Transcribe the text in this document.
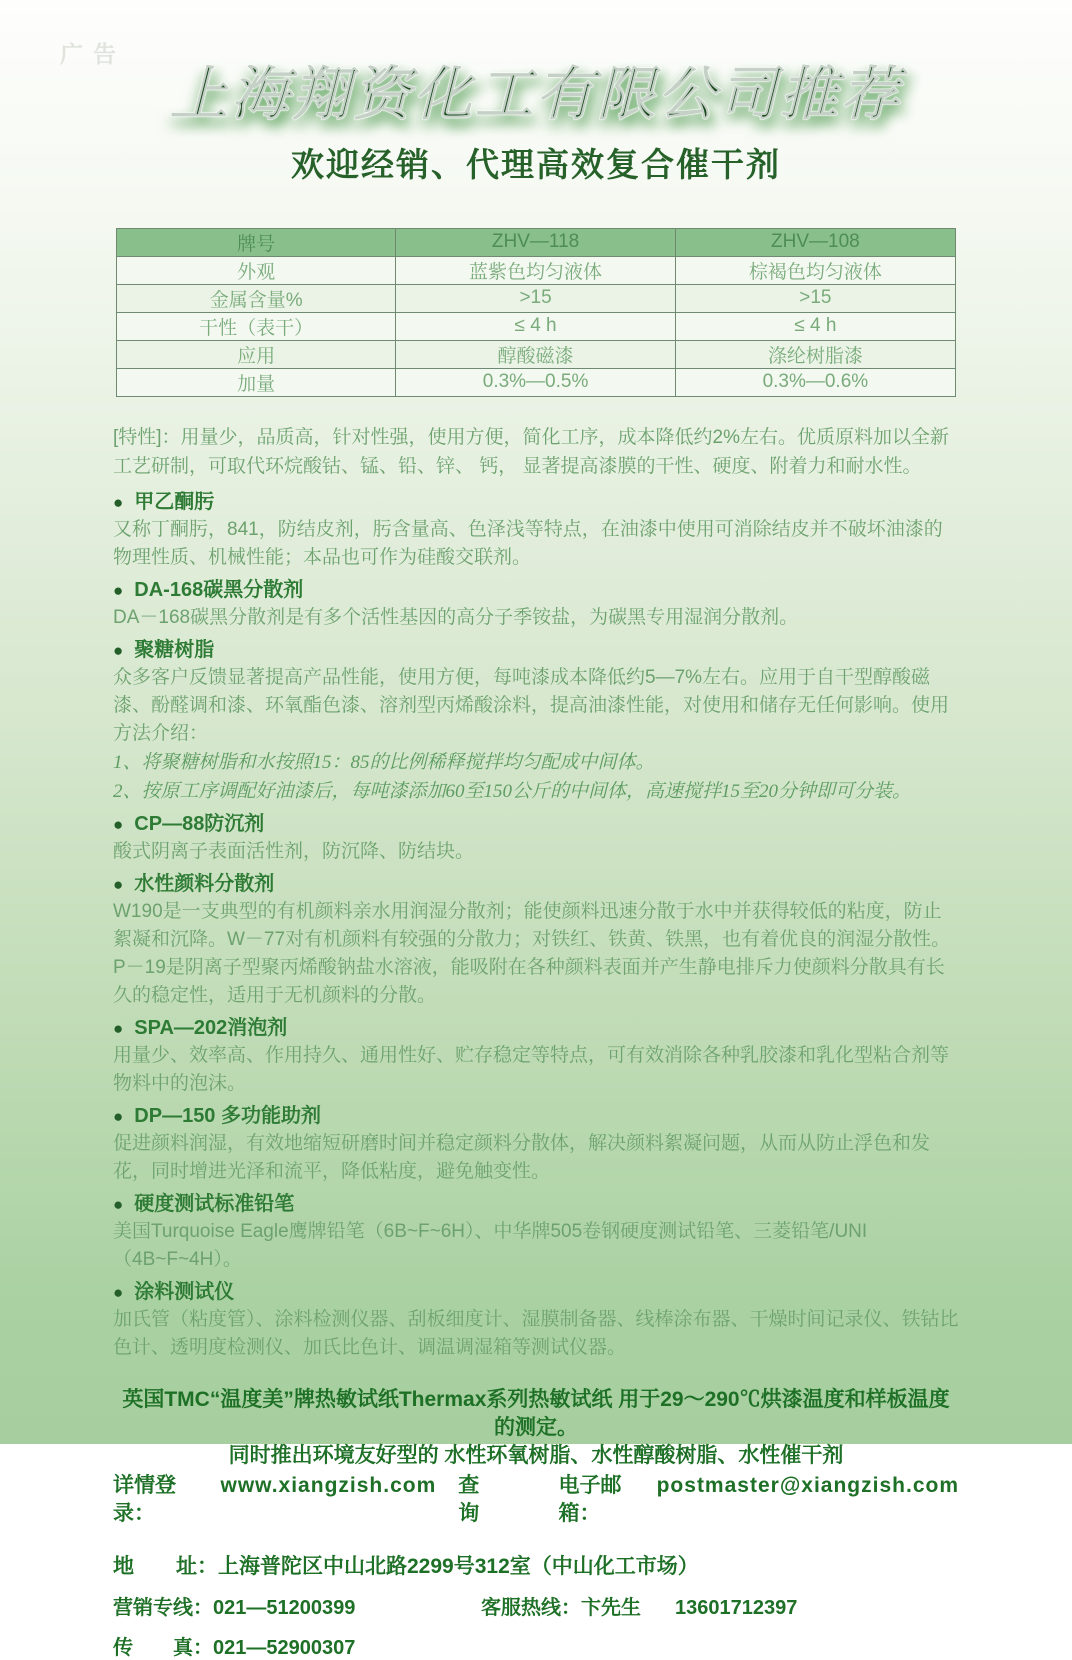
广告
上海翔资化工有限公司推荐
欢迎经销、代理高效复合催干剂
牌号	ZHV—118	ZHV—108
外观	蓝紫色均匀液体	棕褐色均匀液体
金属含量%	>15	>15
干性（表干）	≤ 4 h	≤ 4 h
应用	醇酸磁漆	涤纶树脂漆
加量	0.3%—0.5%	0.3%—0.6%
[特性]：用量少，品质高，针对性强，使用方便，简化工序，成本降低约2%左右。优质原料加以全新工艺研制，可取代环烷酸钴、锰、铅、锌、 钙， 显著提高漆膜的干性、硬度、附着力和耐水性。
● 甲乙酮肟
又称丁酮肟，841，防结皮剂，肟含量高、色泽浅等特点，在油漆中使用可消除结皮并不破坏油漆的物理性质、机械性能；本品也可作为硅酸交联剂。
● DA-168碳黑分散剂
DA－168碳黑分散剂是有多个活性基因的高分子季铵盐，为碳黑专用湿润分散剂。
● 聚糖树脂
众多客户反馈显著提高产品性能，使用方便，每吨漆成本降低约5—7%左右。应用于自干型醇酸磁漆、酚醛调和漆、环氧酯色漆、溶剂型丙烯酸涂料，提高油漆性能，对使用和储存无任何影响。使用方法介绍：
1、将聚糖树脂和水按照15：85的比例稀释搅拌均匀配成中间体。
2、按原工序调配好油漆后，每吨漆添加60至150公斤的中间体，高速搅拌15至20分钟即可分装。
● CP—88防沉剂
酸式阴离子表面活性剂，防沉降、防结块。
● 水性颜料分散剂
W190是一支典型的有机颜料亲水用润湿分散剂；能使颜料迅速分散于水中并获得较低的粘度，防止絮凝和沉降。W－77对有机颜料有较强的分散力；对铁红、铁黄、铁黑，也有着优良的润湿分散性。P－19是阴离子型聚丙烯酸钠盐水溶液，能吸附在各种颜料表面并产生静电排斥力使颜料分散具有长久的稳定性，适用于无机颜料的分散。
● SPA—202消泡剂
用量少、效率高、作用持久、通用性好、贮存稳定等特点，可有效消除各种乳胶漆和乳化型粘合剂等物料中的泡沫。
● DP—150 多功能助剂
促进颜料润湿，有效地缩短研磨时间并稳定颜料分散体，解决颜料絮凝问题，从而从防止浮色和发花，同时增进光泽和流平，降低粘度，避免触变性。
● 硬度测试标准铅笔
美国Turquoise Eagle鹰牌铅笔（6B~F~6H）、中华牌505卷钢硬度测试铅笔、三菱铅笔/UNI（4B~F~4H）。
● 涂料测试仪
加氏管（粘度管）、涂料检测仪器、刮板细度计、湿膜制备器、线棒涂布器、干燥时间记录仪、铁钴比色计、透明度检测仪、加氏比色计、调温调湿箱等测试仪器。
英国TMC“温度美”牌热敏试纸Thermax系列热敏试纸 用于29～290℃烘漆温度和样板温度的测定。
同时推出环境友好型的 水性环氧树脂、水性醇酸树脂、水性催干剂
详情登录：
www.xiangzish.com 查询
电子邮箱：
postmaster@xiangzish.com
地　　址：上海普陀区中山北路2299号312室（中山化工市场）
营销专线：021—51200399	客服热线：卞先生 13601712397
传　　真： 021—52900307
